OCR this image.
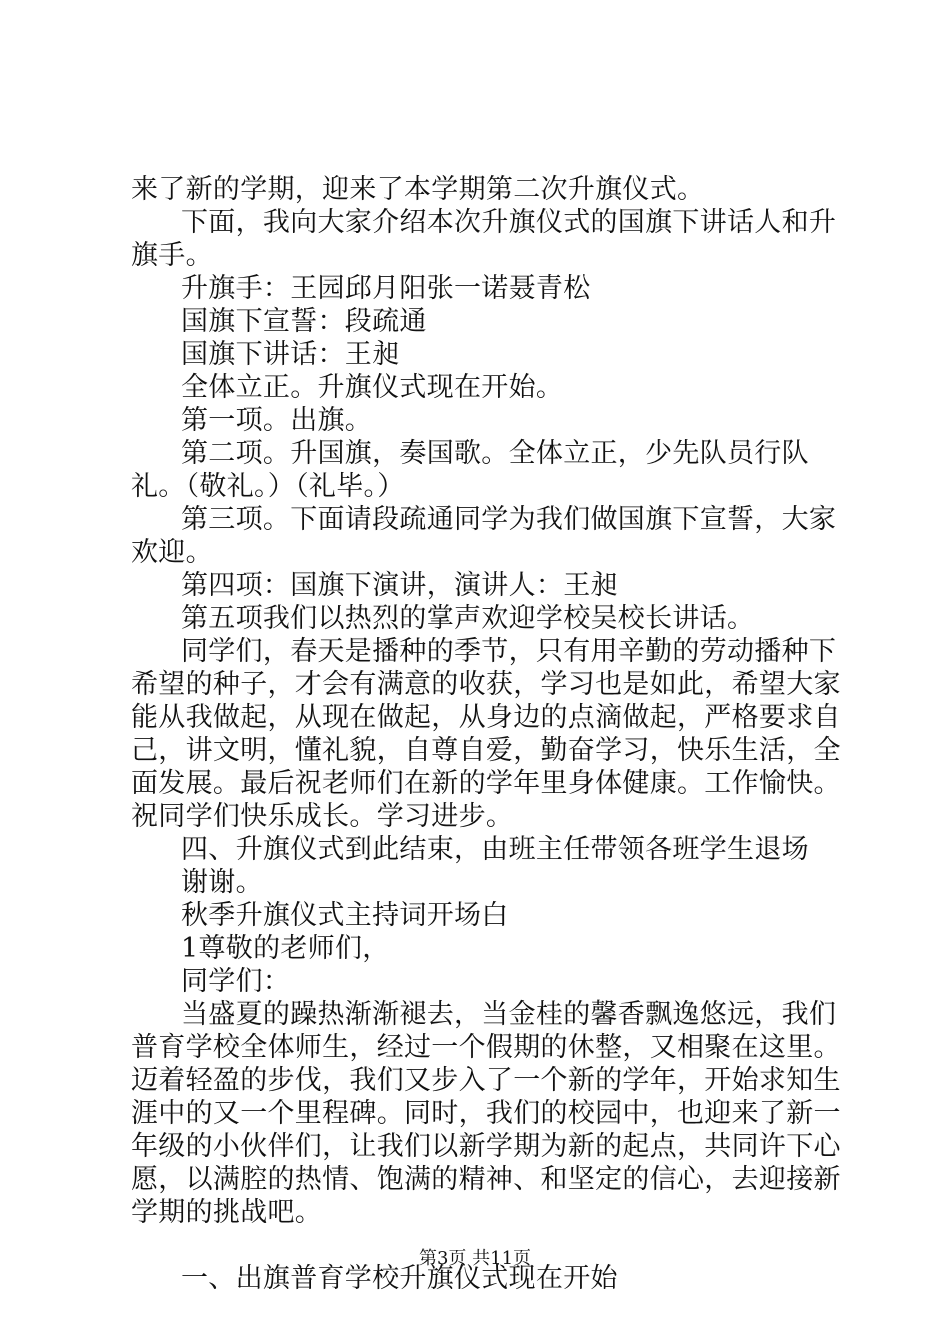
来了新的学期，迎来了本学期第二次升旗仪式。

下面，我向大家介绍本次升旗仪式的国旗下讲话人和升旗手。

升旗手：王园邱月阳张一诺聂青松

国旗下宣誓：段疏通

国旗下讲话：王昶

全体立正。升旗仪式现在开始。

第一项。出旗。

第二项。升国旗，奏国歌。全体立正，少先队员行队礼。（敬礼。）（礼毕。）

第三项。下面请段疏通同学为我们做国旗下宣誓，大家欢迎。

第四项：国旗下演讲，演讲人：王昶

第五项我们以热烈的掌声欢迎学校吴校长讲话。

同学们，春天是播种的季节，只有用辛勤的劳动播种下希望的种子，才会有满意的收获，学习也是如此，希望大家能从我做起，从现在做起，从身边的点滴做起，严格要求自己，讲文明，懂礼貌，自尊自爱，勤奋学习，快乐生活，全面发展。最后祝老师们在新的学年里身体健康。工作愉快。祝同学们快乐成长。学习进步。

四、升旗仪式到此结束，由班主任带领各班学生退场

谢谢。

秋季升旗仪式主持词开场白

1尊敬的老师们，

同学们：

当盛夏的躁热渐渐褪去，当金桂的馨香飘逸悠远，我们普育学校全体师生，经过一个假期的休整，又相聚在这里。迈着轻盈的步伐，我们又步入了一个新的学年，开始求知生涯中的又一个里程碑。同时，我们的校园中，也迎来了新一年级的小伙伴们，让我们以新学期为新的起点，共同许下心愿，以满腔的热情、饱满的精神、和坚定的信心，去迎接新学期的挑战吧。

一、出旗普育学校升旗仪式现在开始

第3页 共11页
